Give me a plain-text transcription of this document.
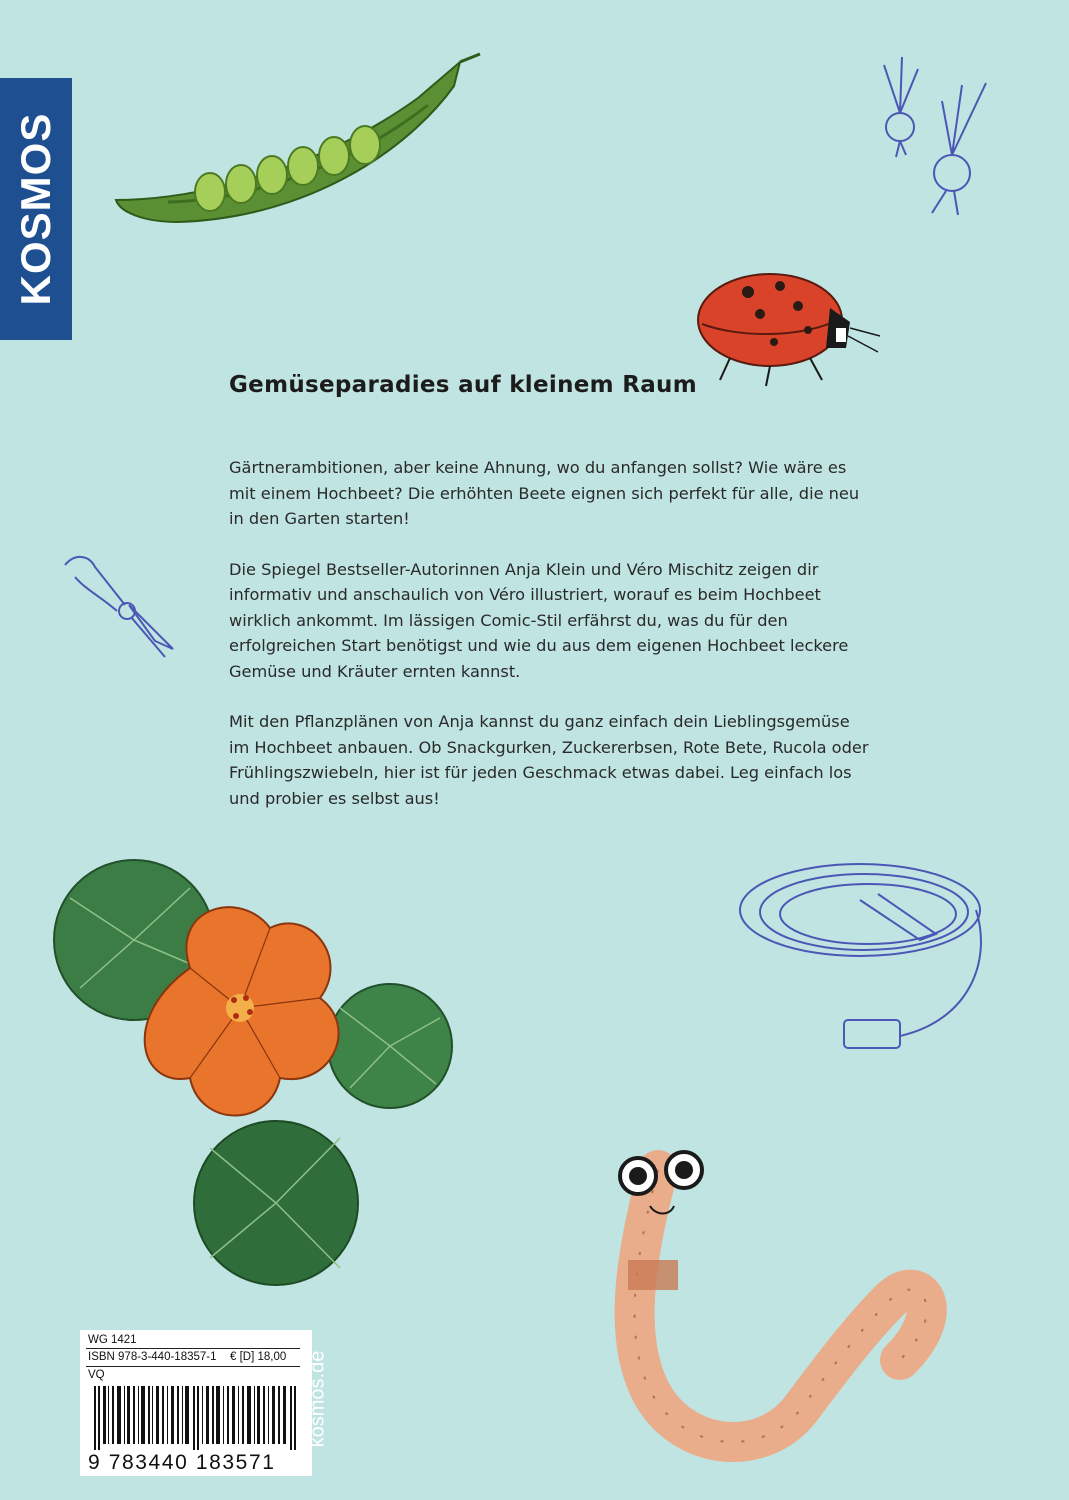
KOSMOS
Gemüseparadies auf kleinem Raum

Gärtnerambitionen, aber keine Ahnung, wo du anfangen sollst? Wie wäre es mit einem Hochbeet? Die erhöhten Beete eignen sich perfekt für alle, die neu in den Garten starten!

Die Spiegel Bestseller-Autorinnen Anja Klein und Véro Mischitz zeigen dir informativ und anschaulich von Véro illustriert, worauf es beim Hochbeet wirklich ankommt. Im lässigen Comic-Stil erfährst du, was du für den erfolgreichen Start benötigst und wie du aus dem eigenen Hochbeet leckere Gemüse und Kräuter ernten kannst.

Mit den Pflanzplänen von Anja kannst du ganz einfach dein Lieblingsgemüse im Hochbeet anbauen. Ob Snackgurken, Zuckererbsen, Rote Bete, Rucola oder Frühlingszwiebeln, hier ist für jeden Geschmack etwas dabei. Leg einfach los und probier es selbst aus!

WG 1421
ISBN 978-3-440-18357-1 € [D] 18,00
VQ
9 783440 183571
kosmos.de
